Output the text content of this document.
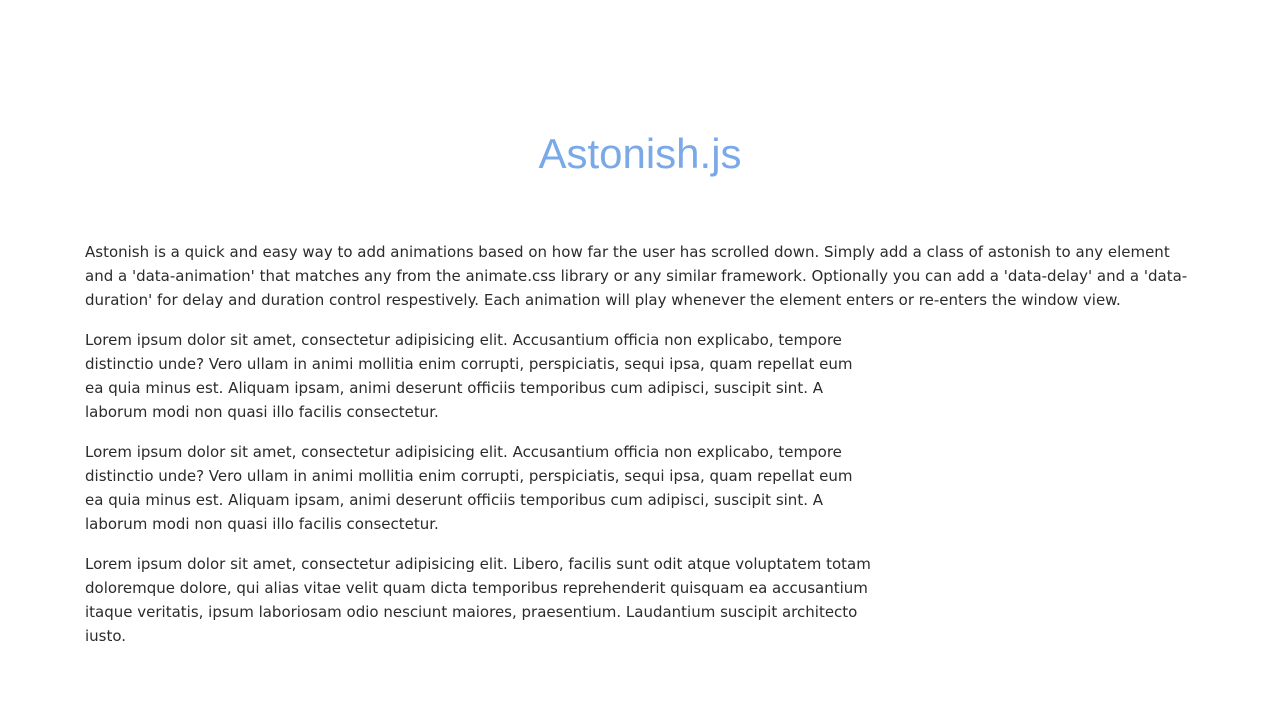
Astonish.js

Astonish is a quick and easy way to add animations based on how far the user has scrolled down. Simply add a class of astonish to any element and a 'data-animation' that matches any from the animate.css library or any similar framework. Optionally you can add a 'data-delay' and a 'data-duration' for delay and duration control respestively. Each animation will play whenever the element enters or re-enters the window view.

Lorem ipsum dolor sit amet, consectetur adipisicing elit. Accusantium officia non explicabo, tempore distinctio unde? Vero ullam in animi mollitia enim corrupti, perspiciatis, sequi ipsa, quam repellat eum ea quia minus est. Aliquam ipsam, animi deserunt officiis temporibus cum adipisci, suscipit sint. A laborum modi non quasi illo facilis consectetur.

Lorem ipsum dolor sit amet, consectetur adipisicing elit. Accusantium officia non explicabo, tempore distinctio unde? Vero ullam in animi mollitia enim corrupti, perspiciatis, sequi ipsa, quam repellat eum ea quia minus est. Aliquam ipsam, animi deserunt officiis temporibus cum adipisci, suscipit sint. A laborum modi non quasi illo facilis consectetur.

Lorem ipsum dolor sit amet, consectetur adipisicing elit. Libero, facilis sunt odit atque voluptatem totam doloremque dolore, qui alias vitae velit quam dicta temporibus reprehenderit quisquam ea accusantium itaque veritatis, ipsum laboriosam odio nesciunt maiores, praesentium. Laudantium suscipit architecto iusto.
